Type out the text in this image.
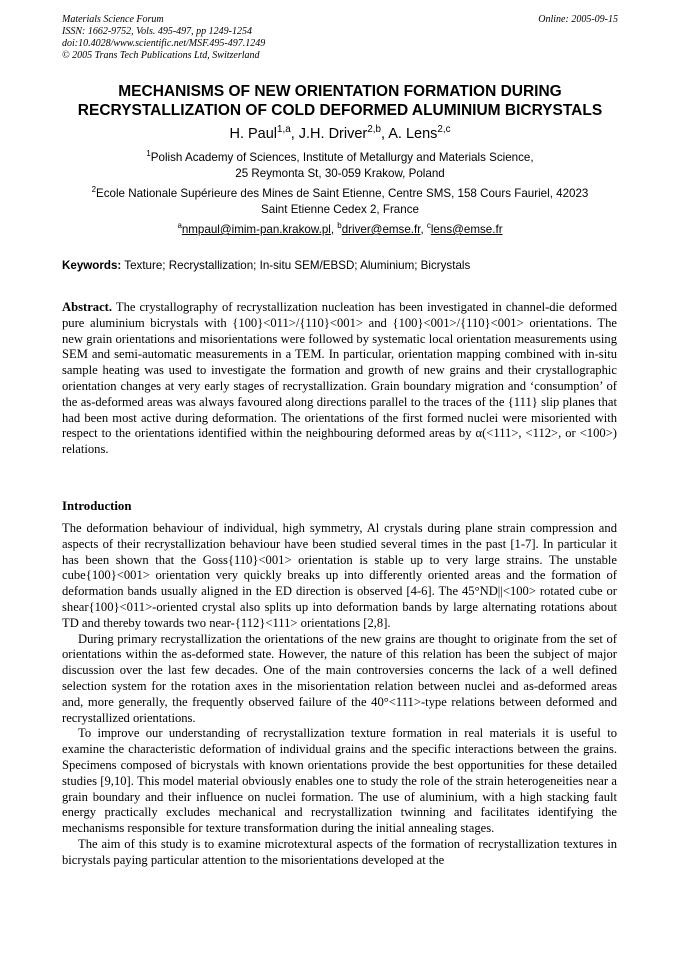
Materials Science Forum
ISSN: 1662-9752, Vols. 495-497, pp 1249-1254
doi:10.4028/www.scientific.net/MSF.495-497.1249
© 2005 Trans Tech Publications Ltd, Switzerland
Online: 2005-09-15
MECHANISMS OF NEW ORIENTATION FORMATION DURING
RECRYSTALLIZATION OF COLD DEFORMED ALUMINIUM BICRYSTALS
H. Paul$^{1,a}$, J.H. Driver$^{2,b}$, A. Lens$^{2,c}$
$^1$Polish Academy of Sciences, Institute of Metallurgy and Materials Science,
25 Reymonta St, 30-059 Krakow, Poland
$^2$Ecole Nationale Supérieure des Mines de Saint Etienne, Centre SMS, 158 Cours Fauriel, 42023
Saint Etienne Cedex 2, France
$^a$nmpaul@imim-pan.krakow.pl, $^b$driver@emse.fr, $^c$lens@emse.fr
Keywords: Texture; Recrystallization; In-situ SEM/EBSD; Aluminium; Bicrystals
Abstract. The crystallography of recrystallization nucleation has been investigated in channel-die deformed pure aluminium bicrystals with {100}<011>/{110}<001> and {100}<001>/{110}<001> orientations. The new grain orientations and misorientations were followed by systematic local orientation measurements using SEM and semi-automatic measurements in a TEM. In particular, orientation mapping combined with in-situ sample heating was used to investigate the formation and growth of new grains and their crystallographic orientation changes at very early stages of recrystallization. Grain boundary migration and ‘consumption’ of the as-deformed areas was always favoured along directions parallel to the traces of the {111} slip planes that had been most active during deformation. The orientations of the first formed nuclei were misoriented with respect to the orientations identified within the neighbouring deformed areas by α(<111>, <112>, or <100>) relations.
Introduction

The deformation behaviour of individual, high symmetry, Al crystals during plane strain compression and aspects of their recrystallization behaviour have been studied several times in the past [1-7]. In particular it has been shown that the Goss{110}<001> orientation is stable up to very large strains. The unstable cube{100}<001> orientation very quickly breaks up into differently oriented areas and the formation of deformation bands usually aligned in the ED direction is observed [4-6]. The 45°ND||<100> rotated cube or shear{100}<011>-oriented crystal also splits up into deformation bands by large alternating rotations about TD and thereby towards two near-{112}<111> orientations [2,8].

During primary recrystallization the orientations of the new grains are thought to originate from the set of orientations within the as-deformed state. However, the nature of this relation has been the subject of major discussion over the last few decades. One of the main controversies concerns the lack of a well defined selection system for the rotation axes in the misorientation relation between nuclei and as-deformed areas and, more generally, the frequently observed failure of the 40°<111>-type relations between deformed and recrystallized orientations.

To improve our understanding of recrystallization texture formation in real materials it is useful to examine the characteristic deformation of individual grains and the specific interactions between the grains. Specimens composed of bicrystals with known orientations provide the best opportunities for these detailed studies [9,10]. This model material obviously enables one to study the role of the strain heterogeneities near a grain boundary and their influence on nuclei formation. The use of aluminium, with a high stacking fault energy practically excludes mechanical and recrystallization twinning and facilitates identifying the mechanisms responsible for texture transformation during the initial annealing stages.

The aim of this study is to examine microtextural aspects of the formation of recrystallization textures in bicrystals paying particular attention to the misorientations developed at the
